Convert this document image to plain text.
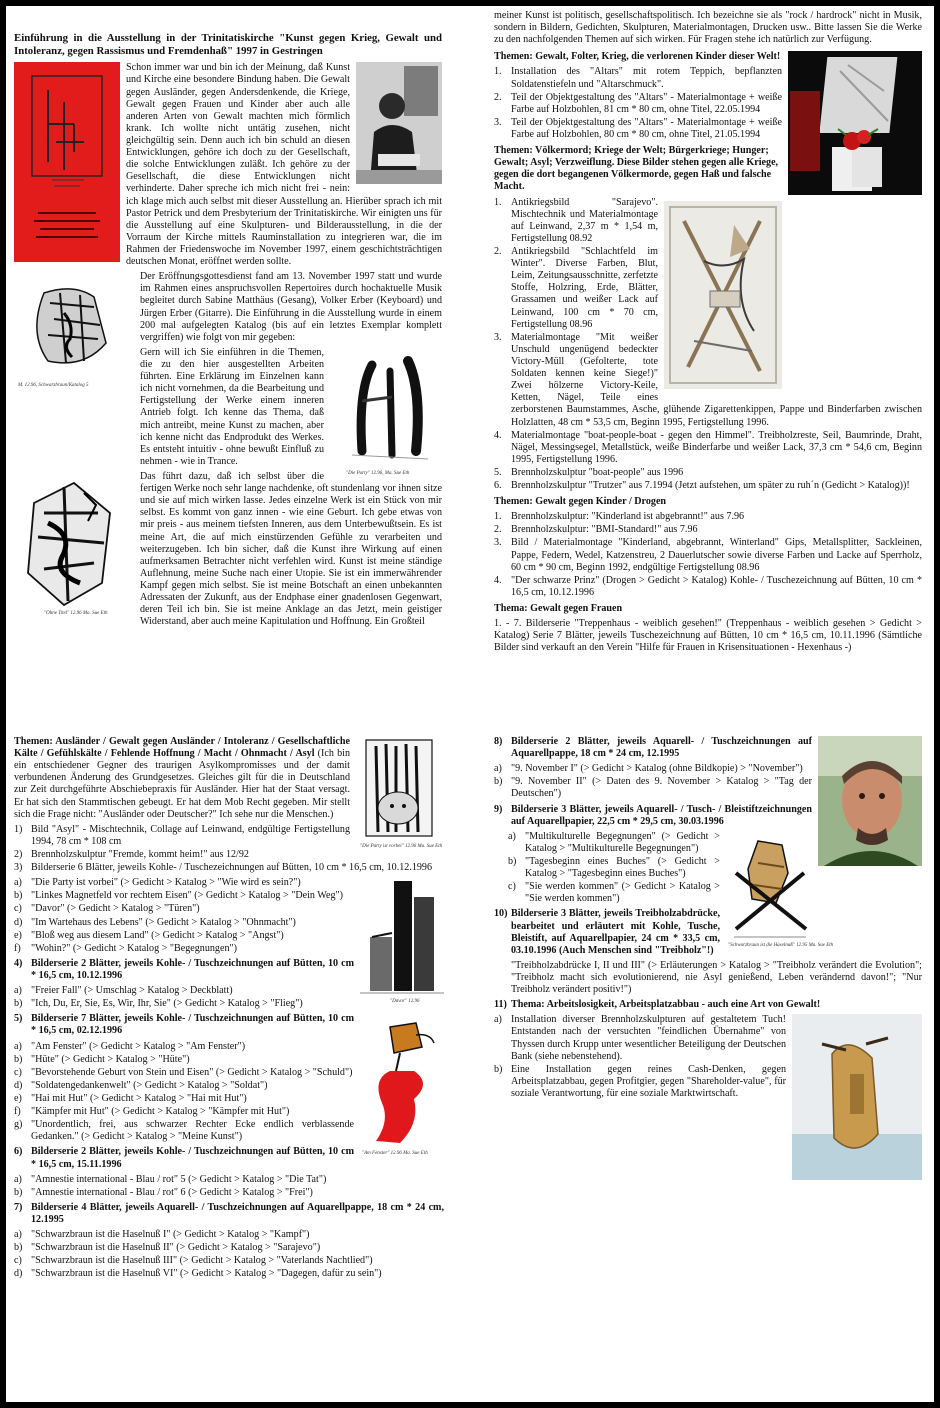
Einführung in die Ausstellung in der Trinitatiskirche "Kunst gegen Krieg, Gewalt und Intoleranz, gegen Rassismus und Fremdenhaß" 1997 in Gestringen

Schon immer war und bin ich der Meinung, daß Kunst und Kirche eine besondere Bindung haben. Die Gewalt gegen Ausländer, gegen Andersdenkende, die Kriege, Gewalt gegen Frauen und Kinder aber auch alle anderen Arten von Gewalt machten mich förmlich krank. Ich wollte nicht untätig zusehen, nicht gleichgültig sein. Denn auch ich bin schuld an diesen Entwicklungen, gehöre ich doch zu der Gesellschaft, die solche Entwicklungen zuläßt. Ich gehöre zu der Gesellschaft, die diese Entwicklungen nicht verhinderte. Daher spreche ich mich nicht frei - nein: ich klage mich auch selbst mit dieser Ausstellung an. Hierüber sprach ich mit Pastor Petrick und dem Presbyterium der Trinitatiskirche. Wir einigten uns für die Ausstellung auf eine Skulpturen- und Bilderausstellung, in die der Vorraum der Kirche mittels Rauminstallation zu integrieren war, die im Rahmen der Friedenswoche im November 1997, einem geschichtsträchtigen deutschen Monat, eröffnet werden sollte.

M. 12.96, Schwarzbraun/Katalog 5

Der Eröffnungsgottesdienst fand am 13. November 1997 statt und wurde im Rahmen eines anspruchsvollen Repertoires durch hochaktuelle Musik begleitet durch Sabine Matthäus (Gesang), Volker Erber (Keyboard) und Jürgen Erber (Gitarre). Die Einführung in die Ausstellung wurde in einem 200 mal aufgelegten Katalog (bis auf ein letztes Exemplar komplett vergriffen) wie folgt von mir gegeben:

"Die Party" 12.96, Ma. Sue Eth

Gern will ich Sie einführen in die Themen, die zu den hier ausgestellten Arbeiten führten. Eine Erklärung im Einzelnen kann ich nicht vornehmen, da die Bearbeitung und Fertigstellung der Werke einem inneren Antrieb folgt. Ich kenne das Thema, daß mich antreibt, meine Kunst zu machen, aber ich kenne nicht das Endprodukt des Werkes. Es entsteht intuitiv - ohne bewußt Einfluß zu nehmen - wie in Trance.

"Ohne Titel" 12.96 Ma. Sue Eth

Das führt dazu, daß ich selbst über die fertigen Werke noch sehr lange nachdenke, oft stundenlang vor ihnen sitze und sie auf mich wirken lasse. Jedes einzelne Werk ist ein Stück von mir selbst. Es kommt von ganz innen - wie eine Geburt. Ich gebe etwas von mir preis - aus meinem tiefsten Inneren, aus dem Unterbewußtsein. Es ist meine Art, die auf mich einstürzenden Gefühle zu verarbeiten und weiterzugeben. Ich bin sicher, daß die Kunst ihre Wirkung auf einen aufmerksamen Betrachter nicht verfehlen wird. Kunst ist meine ständige Auflehnung, meine Suche nach einer Utopie. Sie ist ein immerwährender Kampf gegen mich selbst. Sie ist meine Botschaft an einen unbekannten Adressaten der Zukunft, aus der Endphase einer gnadenlosen Gegenwart, deren Teil ich bin. Sie ist meine Anklage an das Jetzt, mein geistiger Widerstand, aber auch meine Kapitulation und Hoffnung. Ein Großteil

meiner Kunst ist politisch, gesellschaftspolitisch. Ich bezeichne sie als "rock / hardrock" nicht in Musik, sondern in Bildern, Gedichten, Skulpturen, Materialmontagen, Drucken usw.. Bitte lassen Sie die Werke zu den nachfolgenden Themen auf sich wirken. Für Fragen stehe ich natürlich zur Verfügung.

Themen: Gewalt, Folter, Krieg, die verlorenen Kinder dieser Welt!
1. Installation des "Altars" mit rotem Teppich, bepflanzten Soldatenstiefeln und "Altarschmuck".
2. Teil der Objektgestaltung des "Altars" - Materialmontage + weiße Farbe auf Holzbohlen, 81 cm * 80 cm, ohne Titel, 22.05.1994
3. Teil der Objektgestaltung des "Altars" - Materialmontage + weiße Farbe auf Holzbohlen, 80 cm * 80 cm, ohne Titel, 21.05.1994
Themen: Völkermord; Kriege der Welt; Bürgerkriege; Hunger; Gewalt; Asyl; Verzweiflung. Diese Bilder stehen gegen alle Kriege, gegen die dort begangenen Völkermorde, gegen Haß und falsche Macht.
1. Antikriegsbild "Sarajevo". Mischtechnik und Materialmontage auf Leinwand, 2,37 m * 1,54 m, Fertigstellung 08.92
2. Antikriegsbild "Schlachtfeld im Winter". Diverse Farben, Blut, Leim, Zeitungsausschnitte, zerfetzte Stoffe, Holzring, Erde, Blätter, Grassamen und weißer Lack auf Leinwand, 100 cm * 70 cm, Fertigstellung 08.96
3. Materialmontage "Mit weißer Unschuld ungenügend bedeckter Victory-Müll (Gefolterte, tote Soldaten kennen keine Siege!)" Zwei hölzerne Victory-Keile, Ketten, Nägel, Teile eines zerborstenen Baumstammes, Asche, glühende Zigarettenkippen, Pappe und Binderfarben zwischen Holzlatten, 48 cm * 53,5 cm, Beginn 1995, Fertigstellung 1996.
4. Materialmontage "boat-people-boat - gegen den Himmel". Treibholzreste, Seil, Baumrinde, Draht, Nägel, Messingsegel, Metallstück, weiße Binderfarbe und weißer Lack, 37,3 cm * 54,6 cm, Beginn 1995, Fertigstellung 1996.
5. Brennholzskulptur "boat-people" aus 1996
6. Brennholzskulptur "Trutzer" aus 7.1994 (Jetzt aufstehen, um später zu ruh´n (Gedicht > Katalog))!
Themen: Gewalt gegen Kinder / Drogen
1. Brennholzskulptur: "Kinderland ist abgebrannt!" aus 7.96
2. Brennholzskulptur: "BMI-Standard!" aus 7.96
3. Bild / Materialmontage "Kinderland, abgebrannt, Winterland" Gips, Metallsplitter, Sackleinen, Pappe, Federn, Wedel, Katzenstreu, 2 Dauerlutscher sowie diverse Farben und Lacke auf Sperrholz, 60 cm * 90 cm, Beginn 1992, endgültige Fertigstellung 08.96
4. "Der schwarze Prinz" (Drogen > Gedicht > Katalog) Kohle- / Tuschezeichnung auf Bütten, 10 cm * 16,5 cm, 10.12.1996
Thema: Gewalt gegen Frauen

1. - 7. Bilderserie "Treppenhaus - weiblich gesehen!" (Treppenhaus - weiblich gesehen > Gedicht > Katalog) Serie 7 Blätter, jeweils Tuschezeichnung auf Bütten, 10 cm * 16,5 cm, 10.11.1996 (Sämtliche Bilder sind verkauft an den Verein "Hilfe für Frauen in Krisensituationen - Hexenhaus -)

"Die Party ist vorbei" 12.96 Ma. Sue Eth

Themen: Ausländer / Gewalt gegen Ausländer / Intoleranz / Gesellschaftliche Kälte / Gefühlskälte / Fehlende Hoffnung / Macht / Ohnmacht / Asyl (Ich bin ein entschiedener Gegner des traurigen Asylkompromisses und der damit verbundenen Änderung des Grundgesetzes. Gleiches gilt für die in Deutschland zur Zeit durchgeführte Abschiebepraxis für Ausländer. Hier hat der Staat versagt. Er hat sich den Stammtischen gebeugt. Er hat dem Mob Recht gegeben. Mir stellt sich die Frage nicht: "Ausländer oder Deutscher?" Ich sehe nur die Menschen.)

1) Bild "Asyl" - Mischtechnik, Collage auf Leinwand, endgültige Fertigstellung 1994, 78 cm * 108 cm
2) Brennholzskulptur "Fremde, kommt heim!" aus 12/92
3) Bilderserie 6 Blätter, jeweils Kohle- / Tuschezeichnungen auf Bütten, 10 cm * 16,5 cm, 10.12.1996
"Davor" 12.96
a) "Die Party ist vorbei" (> Gedicht > Katalog > "Wie wird es sein?")
b) "Linkes Magnetfeld vor rechtem Eisen" (> Gedicht > Katalog > "Dein Weg")
c) "Davor" (> Gedicht > Katalog > "Türen")
d) "Im Wartehaus des Lebens" (> Gedicht > Katalog > "Ohnmacht")
e) "Bloß weg aus diesem Land" (> Gedicht > Katalog > "Angst")
f) "Wohin?" (> Gedicht > Katalog > "Begegnungen")
4) Bilderserie 2 Blätter, jeweils Kohle- / Tuschzeichnungen auf Bütten, 10 cm * 16,5 cm, 10.12.1996
a) "Freier Fall" (> Umschlag > Katalog > Deckblatt)
b) "Ich, Du, Er, Sie, Es, Wir, Ihr, Sie" (> Gedicht > Katalog > "Flieg")
"Am Fenster" 12.96 Ma. Sue Eth
5) Bilderserie 7 Blätter, jeweils Kohle- / Tuschzeichnungen auf Bütten, 10 cm * 16,5 cm, 02.12.1996
a) "Am Fenster" (> Gedicht > Katalog > "Am Fenster")
b) "Hüte" (> Gedicht > Katalog > "Hüte")
c) "Bevorstehende Geburt von Stein und Eisen" (> Gedicht > Katalog > "Schuld")
d) "Soldatengedankenwelt" (> Gedicht > Katalog > "Soldat")
e) "Hai mit Hut" (> Gedicht > Katalog > "Hai mit Hut")
f) "Kämpfer mit Hut" (> Gedicht > Katalog > "Kämpfer mit Hut")
g) "Unordentlich, frei, aus schwarzer Rechter Ecke endlich verblassende Gedanken." (> Gedicht > Katalog > "Meine Kunst")
6) Bilderserie 2 Blätter, jeweils Kohle- / Tuschzeichnungen auf Bütten, 10 cm * 16,5 cm, 15.11.1996
a) "Amnestie international - Blau / rot" 5 (> Gedicht > Katalog > "Die Tat")
b) "Amnestie international - Blau / rot" 6 (> Gedicht > Katalog > "Frei")
7) Bilderserie 4 Blätter, jeweils Aquarell- / Tuschzeichnungen auf Aquarellpappe, 18 cm * 24 cm, 12.1995
a) "Schwarzbraun ist die Haselnuß I" (> Gedicht > Katalog > "Kampf")
b) "Schwarzbraun ist die Haselnuß II" (> Gedicht > Katalog > "Sarajevo")
c) "Schwarzbraun ist die Haselnuß III" (> Gedicht > Katalog > "Vaterlands Nachtlied")
d) "Schwarzbraun ist die Haselnuß VI" (> Gedicht > Katalog > "Dagegen, dafür zu sein")
8) Bilderserie 2 Blätter, jeweils Aquarell- / Tuschzeichnungen auf Aquarellpappe, 18 cm * 24 cm, 12.1995
a) "9. November I" (> Gedicht > Katalog (ohne Bildkopie) > "November")
b) "9. November II" (> Daten des 9. November > Katalog > "Tag der Deutschen")
9) Bilderserie 3 Blätter, jeweils Aquarell- / Tusch- / Bleistiftzeichnungen auf Aquarellpapier, 22,5 cm * 29,5 cm, 30.03.1996
"Schwarzbraun ist die Haselnuß" 12.95 Ma. Sue Eth
a) "Multikulturelle Begegnungen" (> Gedicht > Katalog > "Multikulturelle Begegnungen")
b) "Tagesbeginn eines Buches" (> Gedicht > Katalog > "Tagesbeginn eines Buches")
c) "Sie werden kommen" (> Gedicht > Katalog > "Sie werden kommen")
10) Bilderserie 3 Blätter, jeweils Treibholzabdrücke, bearbeitet und erläutert mit Kohle, Tusche, Bleistift, auf Aquarellpapier, 24 cm * 33,5 cm, 03.10.1996 (Auch Menschen sind "Treibholz"!)

"Treibholzabdrücke I, II und III" (> Erläuterungen > Katalog > "Treibholz verändert die Evolution"; "Treibholz macht sich evolutionierend, nie Asyl genießend, Leben verändernd davon!"; "Nur Treibholz verändert positiv!")

11) Thema: Arbeitslosigkeit, Arbeitsplatzabbau - auch eine Art von Gewalt!
a) Installation diverser Brennholzskulpturen auf gestaltetem Tuch! Entstanden nach der versuchten "feindlichen Übernahme" von Thyssen durch Krupp unter wesentlicher Beteiligung der Deutschen Bank (siehe nebenstehend).
b) Eine Installation gegen reines Cash-Denken, gegen Arbeitsplatzabbau, gegen Profitgier, gegen "Shareholder-value", für soziale Verantwortung, für eine soziale Marktwirtschaft.
